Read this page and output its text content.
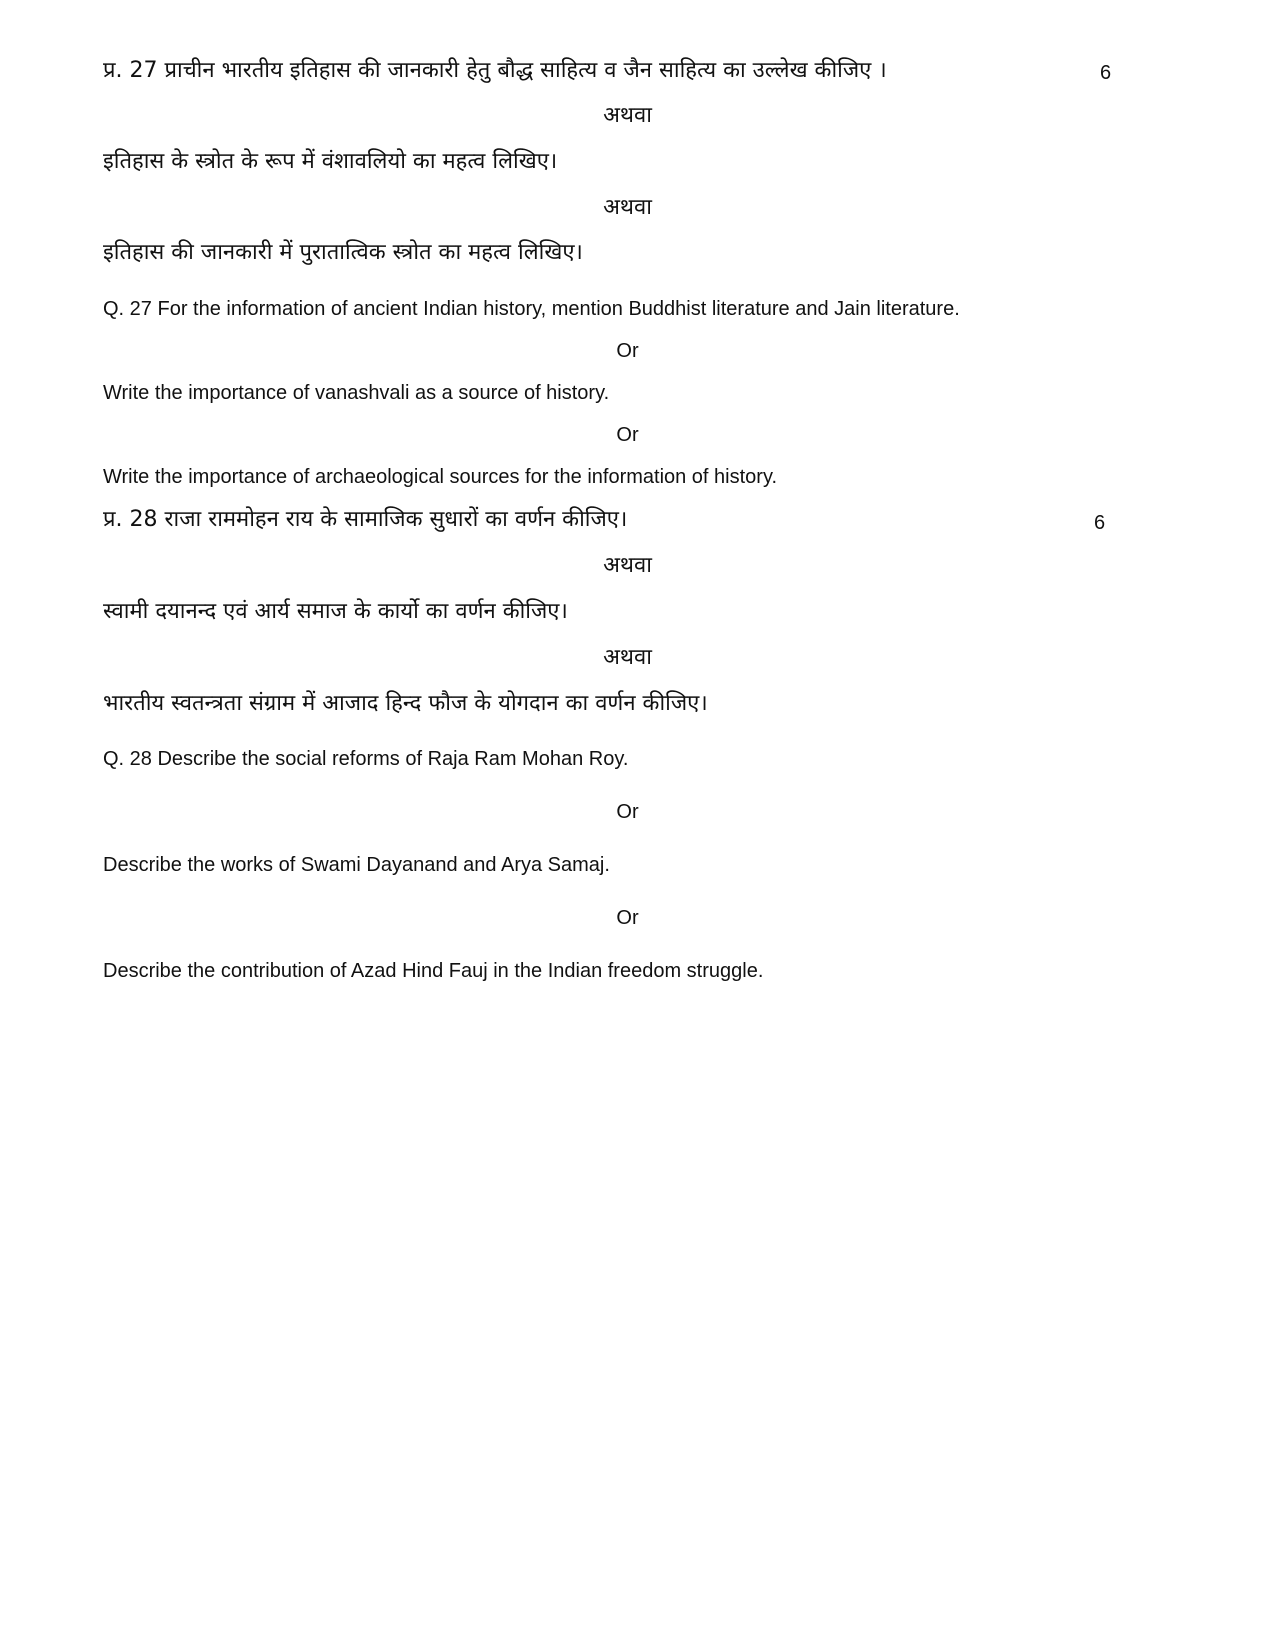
प्र. 27 प्राचीन भारतीय इतिहास की जानकारी हेतु बौद्ध साहित्य व जैन साहित्य का उल्लेख कीजिए ।	6
अथवा
इतिहास के स्त्रोत के रूप में वंशावलियो का महत्व लिखिए।
अथवा
इतिहास की जानकारी में पुरातात्विक स्त्रोत का महत्व लिखिए।
Q. 27 For the information of ancient Indian history, mention Buddhist literature and Jain literature.
Or
Write the importance of vanashvali as a source of history.
Or
Write the importance of archaeological sources for the information of history.
प्र. 28 राजा राममोहन राय के सामाजिक सुधारों का वर्णन कीजिए।	6
अथवा
स्वामी दयानन्द एवं आर्य समाज के कार्यो का वर्णन कीजिए।
अथवा
भारतीय स्वतन्त्रता संग्राम में आजाद हिन्द फौज के योगदान का वर्णन कीजिए।
Q. 28 Describe the social reforms of Raja Ram Mohan Roy.
Or
Describe the works of Swami Dayanand and Arya Samaj.
Or
Describe the contribution of Azad Hind Fauj in the Indian freedom struggle.
